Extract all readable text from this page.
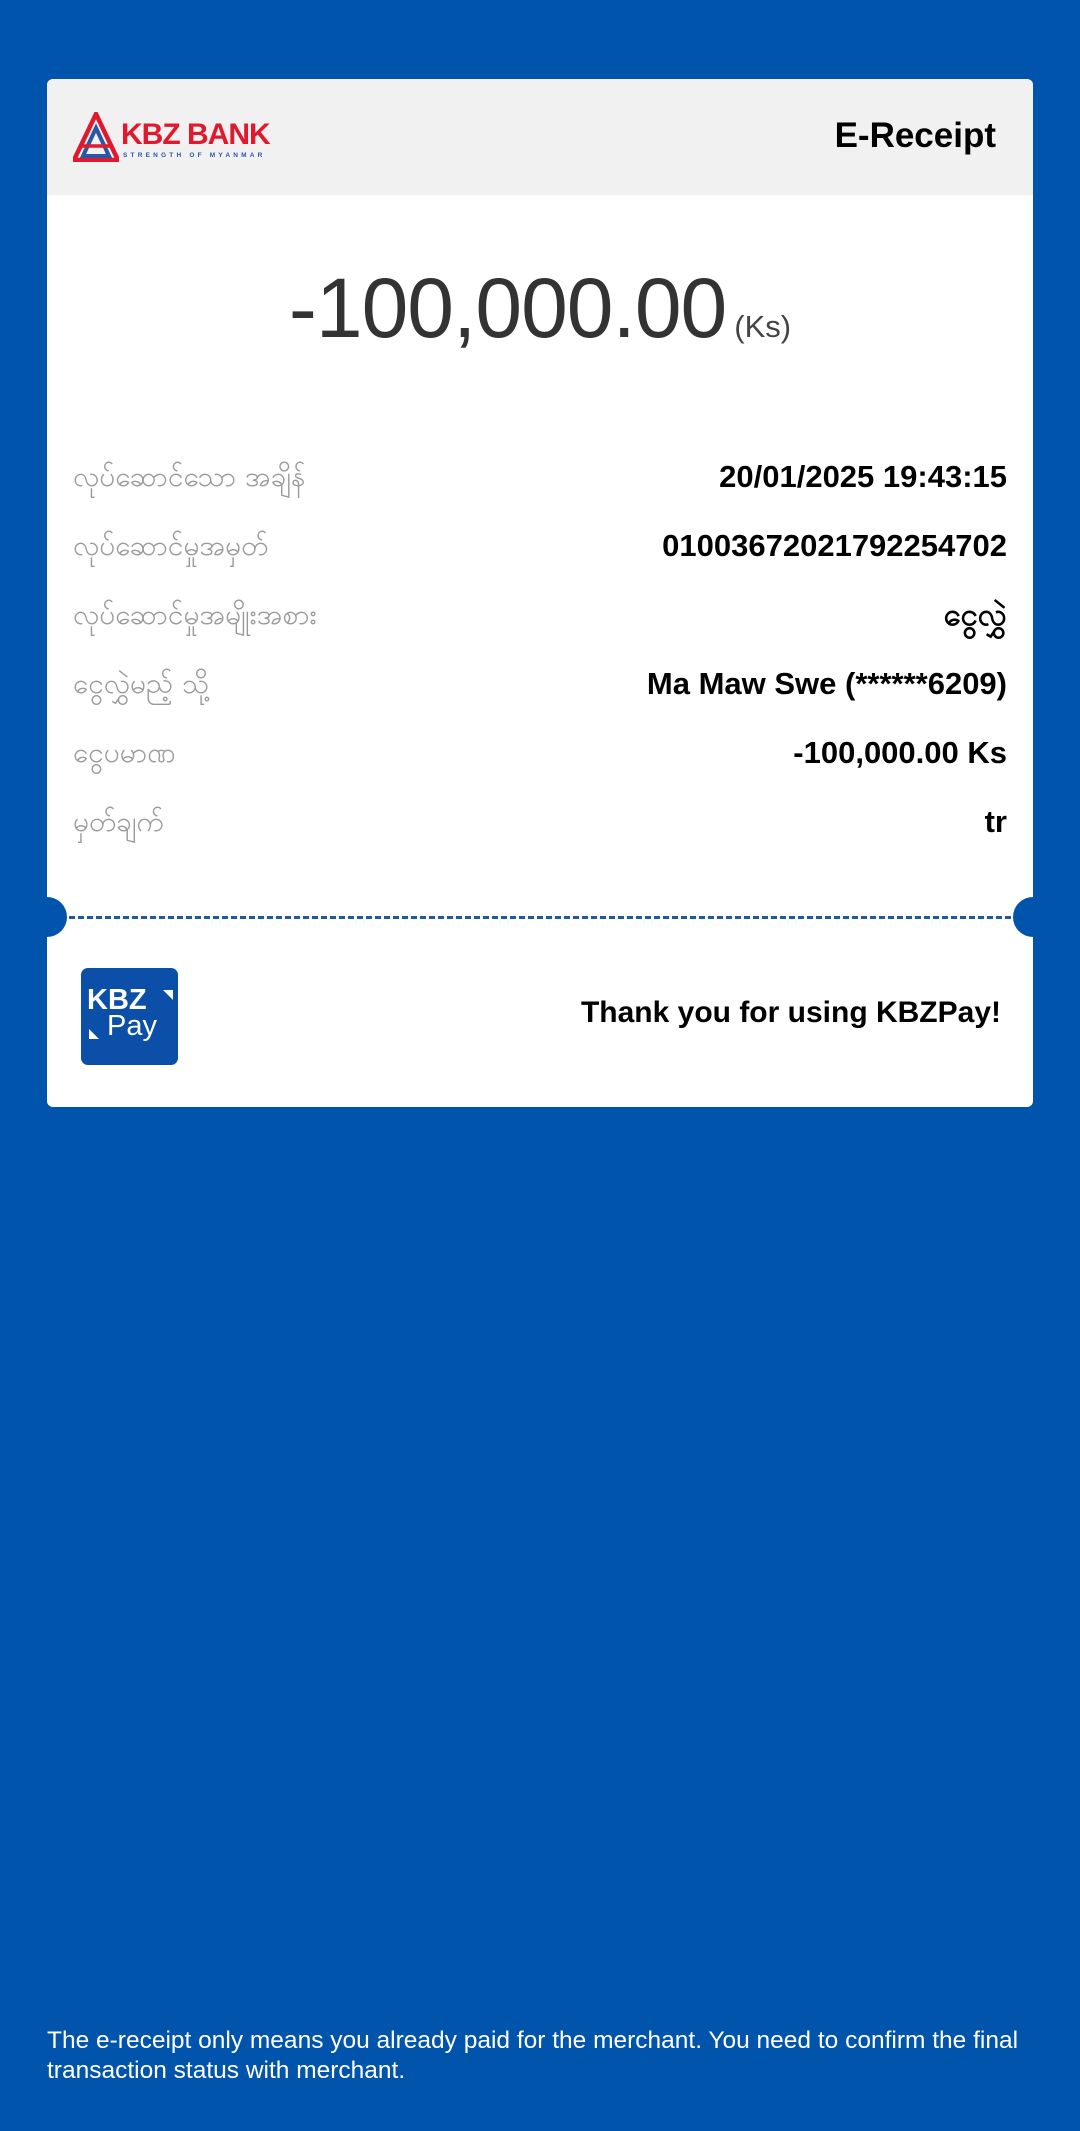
KBZ BANK
STRENGTH OF MYANMAR
E-Receipt
-100,000.00 (Ks)
လုပ်ဆောင်သော အချိန်	20/01/2025 19:43:15
လုပ်ဆောင်မှုအမှတ်	01003672021792254702
လုပ်ဆောင်မှုအမျိုးအစား	ငွေလွှဲ
ငွေလွှဲမည့် သို့	Ma Maw Swe (******6209)
ငွေပမာဏ	-100,000.00 Ks
မှတ်ချက်	tr
KBZ
Pay	Thank you for using KBZPay!
The e-receipt only means you already paid for the merchant. You need to confirm the final transaction status with merchant.
